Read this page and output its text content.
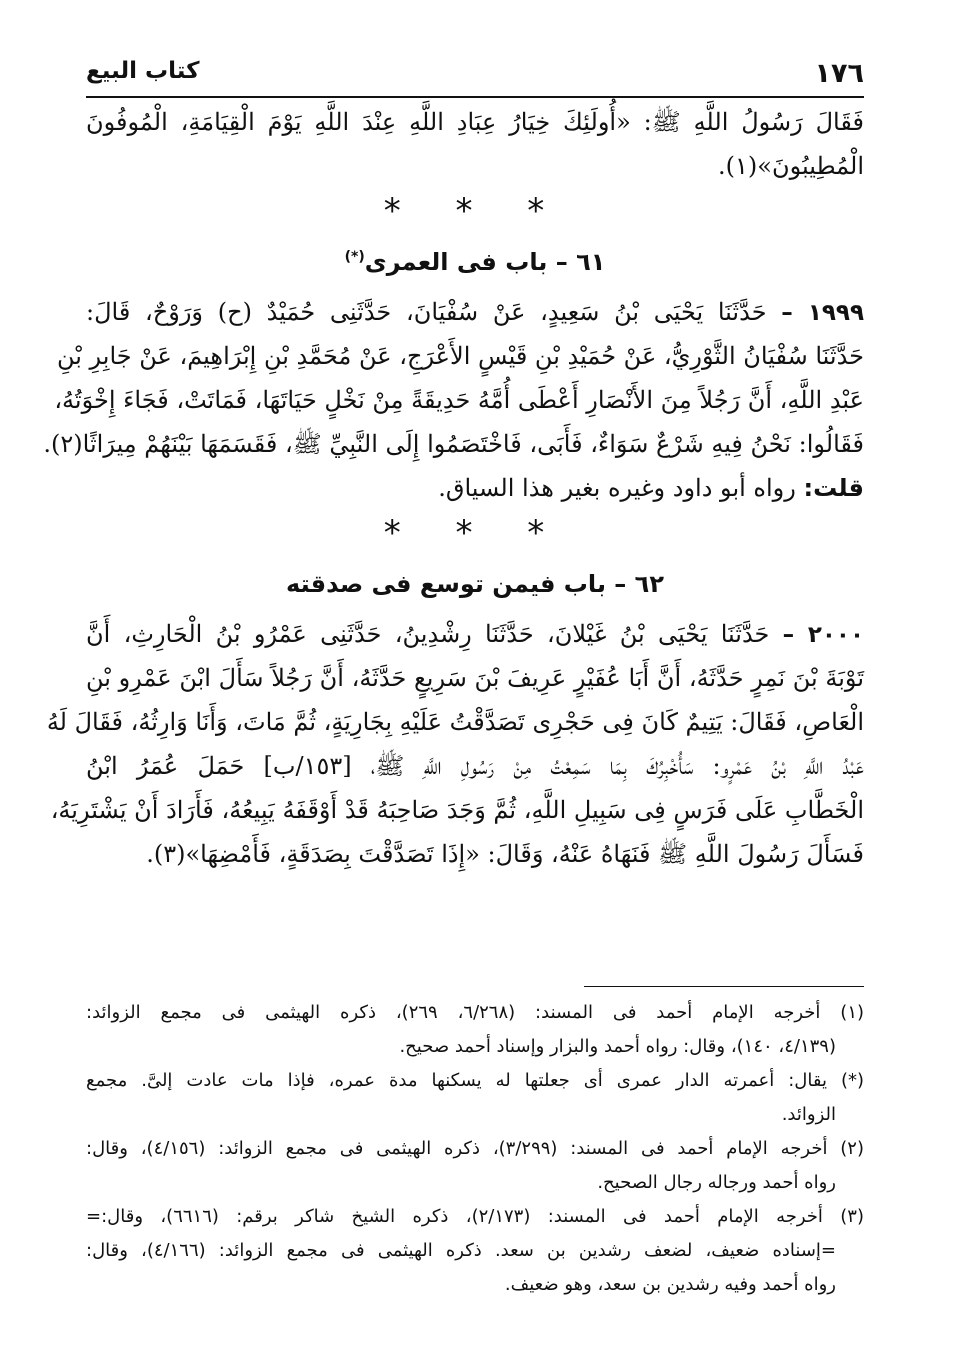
١٧٦
كتاب البيع
فَقَالَ رَسُولُ اللَّهِ ﷺ: «أُولَئِكَ خِيَارُ عِبَادِ اللَّهِ عِنْدَ اللَّهِ يَوْمَ الْقِيَامَةِ، الْمُوفُونَ
الْمُطِيبُونَ»(١).
* * *
٦١ – باب فى العمرى(*)
١٩٩٩ – حَدَّثَنَا يَحْيَى بْنُ سَعِيدٍ، عَنْ سُفْيَانَ، حَدَّثَنِى حُمَيْدٌ (ح) وَرَوْحٌ، قَالَ:
حَدَّثَنَا سُفْيَانُ الثَّوْرِيُّ، عَنْ حُمَيْدِ بْنِ قَيْسٍ الأَعْرَجِ، عَنْ مُحَمَّدِ بْنِ إِبْرَاهِيمَ، عَنْ جَابِرِ بْنِ
عَبْدِ اللَّهِ، أَنَّ رَجُلاً مِنَ الأَنْصَارِ أَعْطَى أُمَّهُ حَدِيقَةً مِنْ نَخْلٍ حَيَاتَهَا، فَمَاتَتْ، فَجَاءَ إِخْوَتُهُ،
فَقَالُوا: نَحْنُ فِيهِ شَرْعٌ سَوَاءٌ، فَأَبَى، فَاخْتَصَمُوا إِلَى النَّبِيِّ ﷺ، فَقَسَمَهَا بَيْنَهُمْ مِيرَاثًا(٢).
قلت: رواه أبو داود وغيره بغير هذا السياق.
* * *
٦٢ – باب فيمن توسع فى صدقته
٢٠٠٠ – حَدَّثَنَا يَحْيَى بْنُ غَيْلانَ، حَدَّثَنَا رِشْدِينُ، حَدَّثَنِى عَمْرُو بْنُ الْحَارِثِ، أَنَّ
تَوْبَةَ بْنَ نَمِرٍ حَدَّثَهُ، أَنَّ أَبَا عُفَيْرٍ عَرِيفَ بْنَ سَرِيعٍ حَدَّثَهُ، أَنَّ رَجُلاً سَأَلَ ابْنَ عَمْرِو بْنِ
الْعَاصِ، فَقَالَ: يَتِيمٌ كَانَ فِى حَجْرِى تَصَدَّقْتُ عَلَيْهِ بِجَارِيَةٍ، ثُمَّ مَاتَ، وَأَنَا وَارِثُهُ، فَقَالَ لَهُ
عَبْدُ اللَّهِ بْنُ عَمْرٍو: سَأُخْبِرُكَ بِمَا سَمِعْتُ مِنْ رَسُولِ اللَّهِ ﷺ، [١٥٣/ب] حَمَلَ عُمَرُ ابْنُ
الْخَطَّابِ عَلَى فَرَسٍ فِى سَبِيلِ اللَّهِ، ثُمَّ وَجَدَ صَاحِبَهُ قَدْ أَوْقَفَهُ يَبِيعُهُ، فَأَرَادَ أَنْ يَشْتَرِيَهُ،
فَسَأَلَ رَسُولَ اللَّهِ ﷺ فَنَهَاهُ عَنْهُ، وَقَالَ: «إِذَا تَصَدَّقْتَ بِصَدَقَةٍ، فَأَمْضِهَا»(٣).
(١) أخرجه الإمام أحمد فى المسند: (٦/٢٦٨، ٢٦٩)، ذكره الهيثمى فى مجمع الزوائد:
(٤/١٣٩، ١٤٠)، وقال: رواه أحمد والبزار وإسناد أحمد صحيح.
(*) يقال: أعمرته الدار عمرى أى جعلتها له يسكنها مدة عمره، فإذا مات عادت إلىَّ. مجمع
الزوائد.
(٢) أخرجه الإمام أحمد فى المسند: (٣/٢٩٩)، ذكره الهيثمى فى مجمع الزوائد: (٤/١٥٦)، وقال:
رواه أحمد ورجاله رجال الصحيح.
(٣) أخرجه الإمام أحمد فى المسند: (٢/١٧٣)، ذكره الشيخ شاكر برقم: (٦٦١٦)، وقال:=
=إسناده ضعيف، لضعف رشدين بن سعد. ذكره الهيثمى فى مجمع الزوائد: (٤/١٦٦)، وقال:
رواه أحمد وفيه رشدين بن سعد، وهو ضعيف.
